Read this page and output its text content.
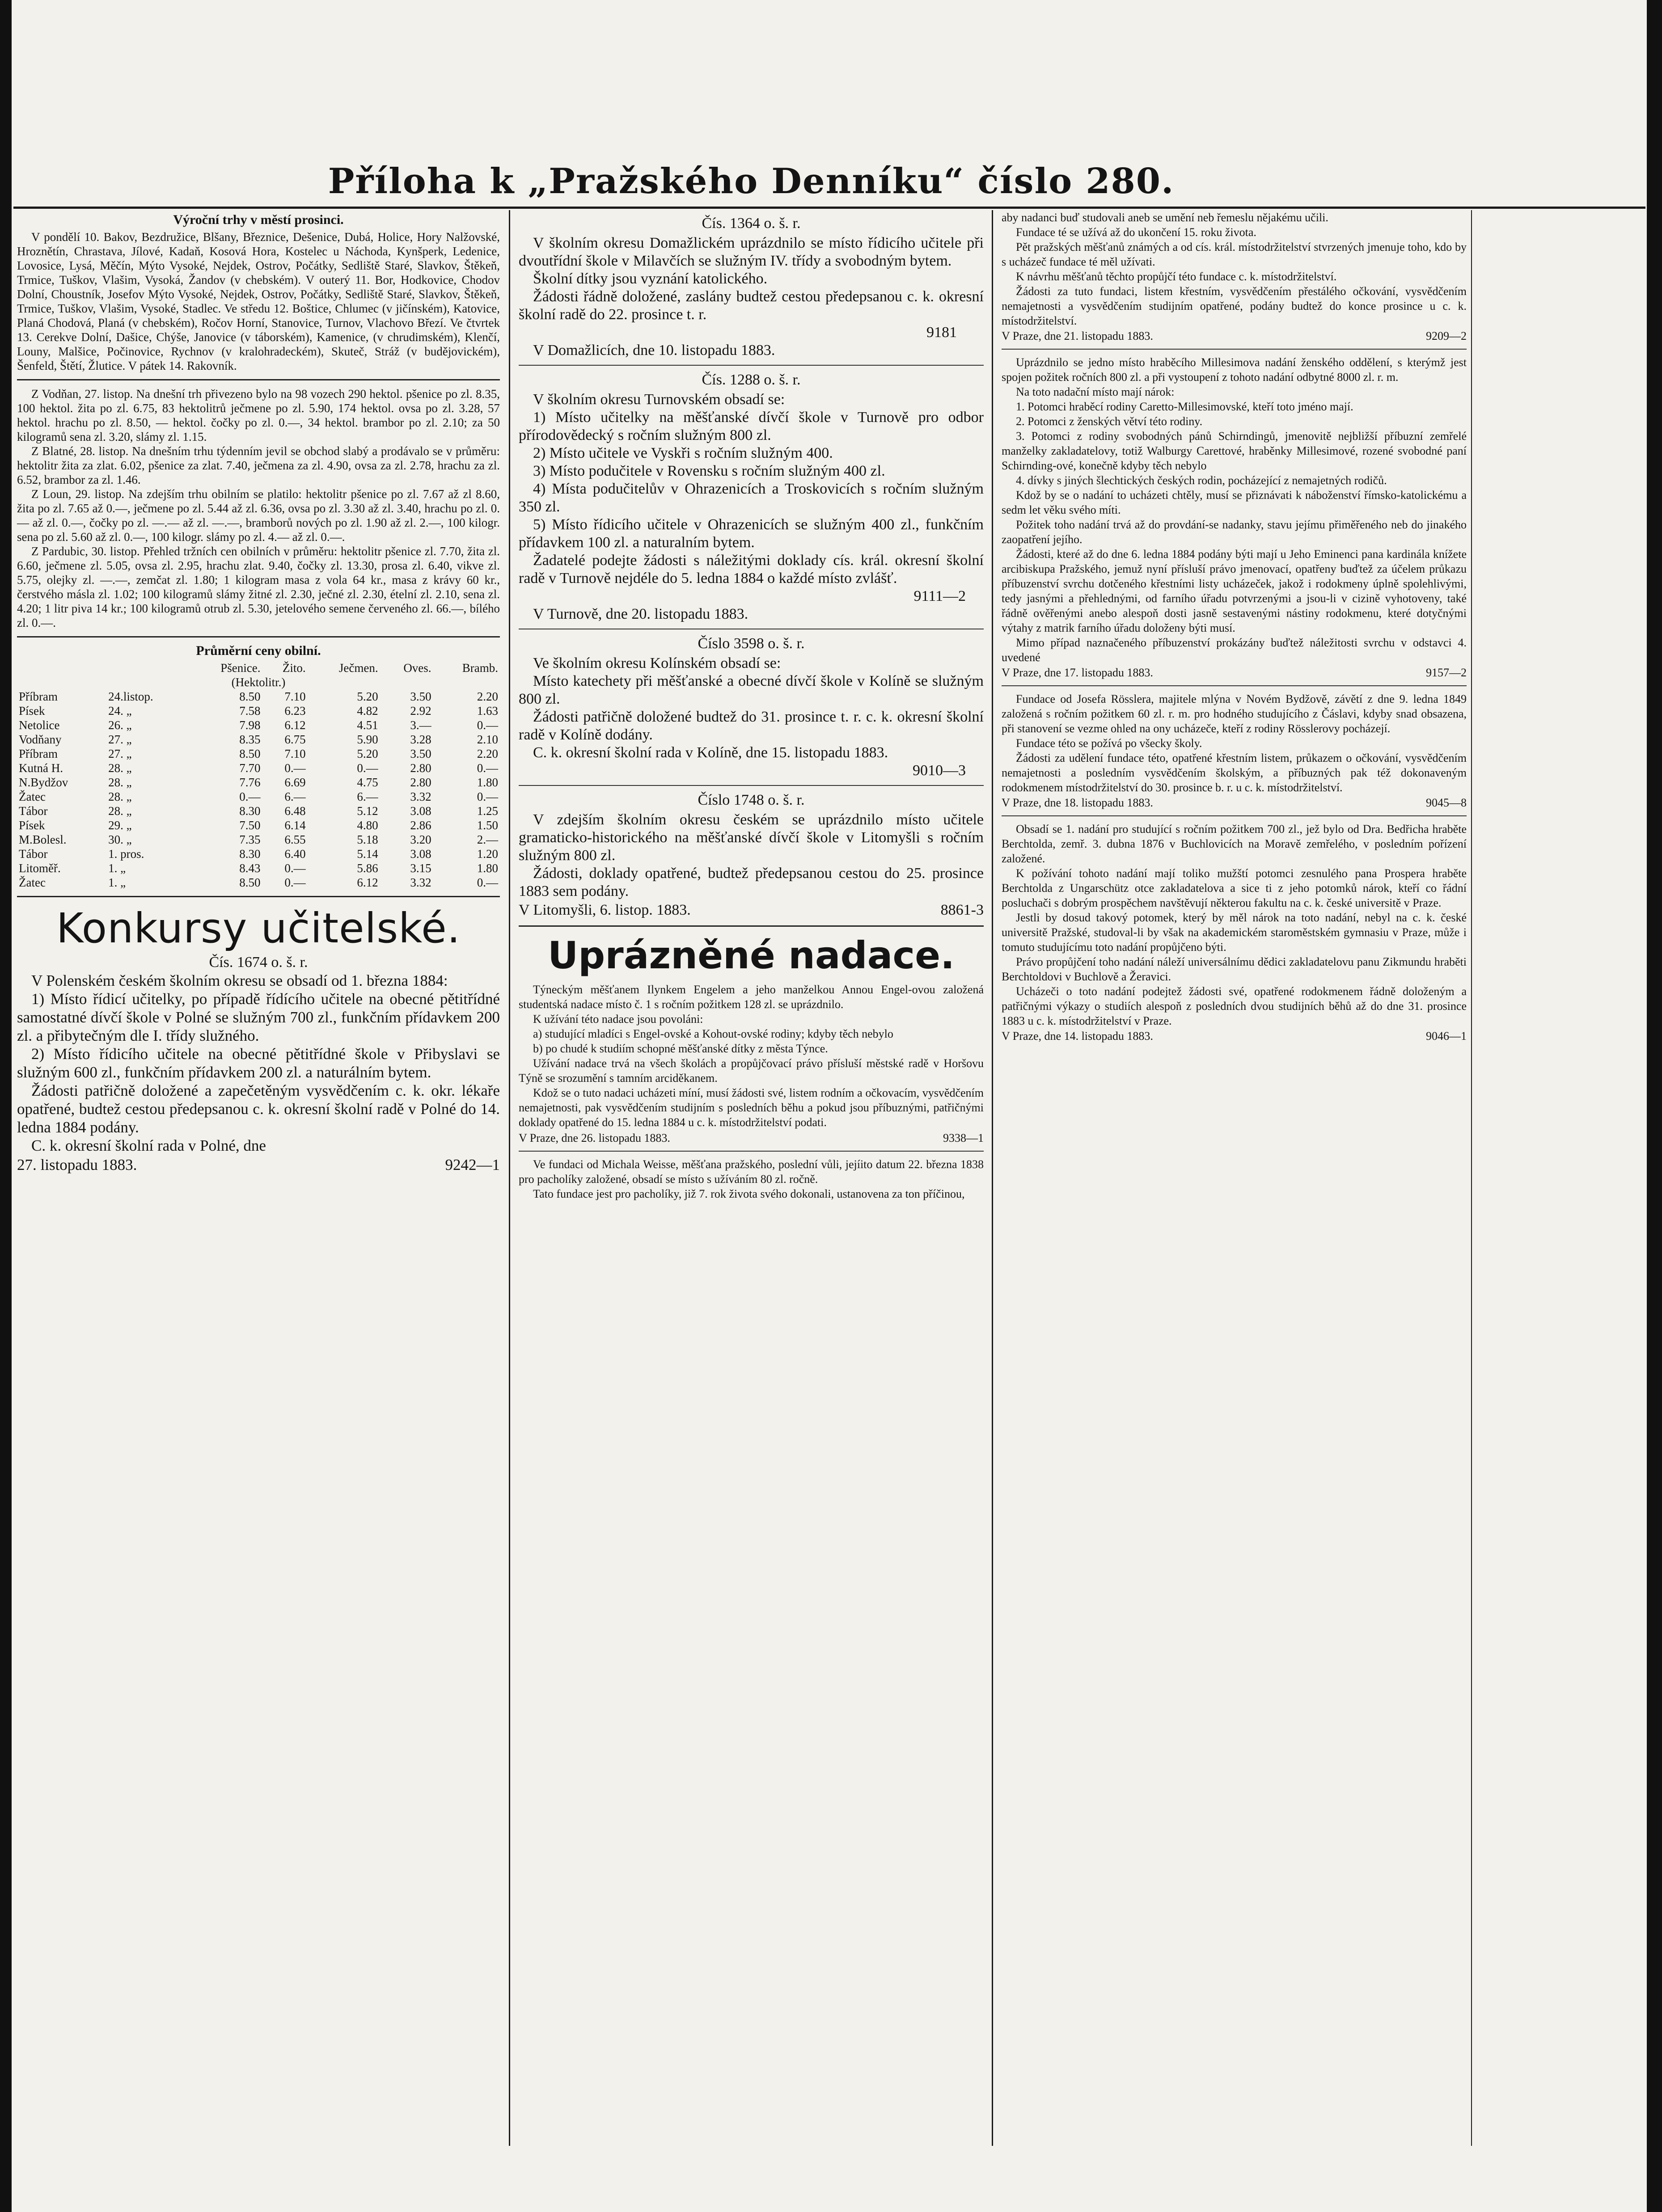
Příloha k „Pražského Denníku“ číslo 280.
Výroční trhy v městí prosinci.

V pondělí 10. Bakov, Bezdružice, Blšany, Březnice, Dešenice, Dubá, Holice, Hory Nalžovské, Hroznětín, Chrastava, Jílové, Kadaň, Kosová Hora, Kostelec u Náchoda, Kynšperk, Ledenice, Lovosice, Lysá, Měčín, Mýto Vysoké, Nejdek, Ostrov, Počátky, Sedliště Staré, Slavkov, Štěkeň, Trmice, Tuškov, Vlašim, Vysoká, Žandov (v chebském). V outerý 11. Bor, Hodkovice, Chodov Dolní, Choustník, Josefov Mýto Vysoké, Nejdek, Ostrov, Počátky, Sedliště Staré, Slavkov, Štěkeň, Trmice, Tuškov, Vlašim, Vysoké, Stadlec. Ve středu 12. Boštice, Chlumec (v jičínském), Katovice, Planá Chodová, Planá (v chebském), Ročov Horní, Stanovice, Turnov, Vlachovo Březí. Ve čtvrtek 13. Cerekve Dolní, Dašice, Chýše, Janovice (v táborském), Kamenice, (v chrudimském), Klenčí, Louny, Malšice, Počinovice, Rychnov (v kralohradeckém), Skuteč, Stráž (v budějovickém), Šenfeld, Štětí, Žlutice. V pátek 14. Rakovník.

Z Vodňan, 27. listop. Na dnešní trh přivezeno bylo na 98 vozech 290 hektol. pšenice po zl. 8.35, 100 hektol. žita po zl. 6.75, 83 hektolitrů ječmene po zl. 5.90, 174 hektol. ovsa po zl. 3.28, 57 hektol. hrachu po zl. 8.50, — hektol. čočky po zl. 0.—, 34 hektol. brambor po zl. 2.10; za 50 kilogramů sena zl. 3.20, slámy zl. 1.15.

Z Blatné, 28. listop. Na dnešním trhu týdenním jevil se obchod slabý a prodávalo se v průměru: hektolitr žita za zlat. 6.02, pšenice za zlat. 7.40, ječmena za zl. 4.90, ovsa za zl. 2.78, hrachu za zl. 6.52, brambor za zl. 1.46.

Z Loun, 29. listop. Na zdejším trhu obilním se platilo: hektolitr pšenice po zl. 7.67 až zl 8.60, žita po zl. 7.65 až 0.—, ječmene po zl. 5.44 až zl. 6.36, ovsa po zl. 3.30 až zl. 3.40, hrachu po zl. 0.— až zl. 0.—, čočky po zl. —.— až zl. —.—, bramborů nových po zl. 1.90 až zl. 2.—, 100 kilogr. sena po zl. 5.60 až zl. 0.—, 100 kilogr. slámy po zl. 4.— až zl. 0.—.

Z Pardubic, 30. listop. Přehled tržních cen obilních v průměru: hektolitr pšenice zl. 7.70, žita zl. 6.60, ječmene zl. 5.05, ovsa zl. 2.95, hrachu zlat. 9.40, čočky zl. 13.30, prosa zl. 6.40, vikve zl. 5.75, olejky zl. —.—, zemčat zl. 1.80; 1 kilogram masa z vola 64 kr., masa z krávy 60 kr., čerstvého másla zl. 1.02; 100 kilogramů slámy žitné zl. 2.30, ječné zl. 2.30, ételní zl. 2.10, sena zl. 4.20; 1 litr piva 14 kr.; 100 kilogramů otrub zl. 5.30, jetelového semene červeného zl. 66.—, bílého zl. 0.—.

Průměrní ceny obilní.
		Pšenice.	Žito.	Ječmen.	Oves.	Bramb.
(Hektolitr.)						
Příbram	24.listop.	8.50	7.10	5.20	3.50	2.20
Písek	24. „	7.58	6.23	4.82	2.92	1.63
Netolice	26. „	7.98	6.12	4.51	3.—	0.—
Vodňany	27. „	8.35	6.75	5.90	3.28	2.10
Příbram	27. „	8.50	7.10	5.20	3.50	2.20
Kutná H.	28. „	7.70	0.—	0.—	2.80	0.—
N.Bydžov	28. „	7.76	6.69	4.75	2.80	1.80
Žatec	28. „	0.—	6.—	6.—	3.32	0.—
Tábor	28. „	8.30	6.48	5.12	3.08	1.25
Písek	29. „	7.50	6.14	4.80	2.86	1.50
M.Bolesl.	30. „	7.35	6.55	5.18	3.20	2.—
Tábor	1. pros.	8.30	6.40	5.14	3.08	1.20
Litoměř.	1. „	8.43	0.—	5.86	3.15	1.80
Žatec	1. „	8.50	0.—	6.12	3.32	0.—
Konkursy učitelské.
Čís. 1674 o. š. r.

V Polenském českém školním okresu se obsadí od 1. března 1884:

1) Místo řídicí učitelky, po případě řídícího učitele na obecné pětitřídné samostatné dívčí škole v Polné se služným 700 zl., funkčním přídavkem 200 zl. a přibytečným dle I. třídy služného.

2) Místo řídicího učitele na obecné pětitřídné škole v Přibyslavi se služným 600 zl., funkčním přídavkem 200 zl. a naturálním bytem.

Žádosti patřičně doložené a zapečetěným vysvědčením c. k. okr. lékaře opatřené, budtež cestou předepsanou c. k. okresní školní radě v Polné do 14. ledna 1884 podány.

C. k. okresní školní rada v Polné, dne

27. listopadu 1883.	9242—1
Čís. 1364 o. š. r.

V školním okresu Domažlickém uprázdnilo se místo řídicího učitele při dvoutřídní škole v Milavčích se služným IV. třídy a svobodným bytem.

Školní dítky jsou vyznání katolického.

Žádosti řádně doložené, zaslány budtež cestou předepsanou c. k. okresní školní radě do 22. prosince t. r.

9181

V Domažlicích, dne 10. listopadu 1883.

Čís. 1288 o. š. r.

V školním okresu Turnovském obsadí se:

1) Místo učitelky na měšťanské dívčí škole v Turnově pro odbor přírodovědecký s ročním služným 800 zl.

2) Místo učitele ve Vyskři s ročním služným 400.

3) Místo podučitele v Rovensku s ročním služným 400 zl.

4) Místa podučitelův v Ohrazenicích a Troskovicích s ročním služným 350 zl.

5) Místo řídicího učitele v Ohrazenicích se služným 400 zl., funkčním přídavkem 100 zl. a naturalním bytem.

Žadatelé podejte žádosti s náležitými doklady cís. král. okresní školní radě v Turnově nejdéle do 5. ledna 1884 o každé místo zvlášť.

9111—2

V Turnově, dne 20. listopadu 1883.

Číslo 3598 o. š. r.

Ve školním okresu Kolínském obsadí se:

Místo katechety při měšťanské a obecné dívčí škole v Kolíně se služným 800 zl.

Žádosti patřičně doložené budtež do 31. prosince t. r. c. k. okresní školní radě v Kolíně dodány.

C. k. okresní školní rada v Kolíně, dne 15. listopadu 1883.

9010—3
Číslo 1748 o. š. r.

V zdejším školním okresu českém se uprázdnilo místo učitele gramaticko-historického na měšťanské dívčí škole v Litomyšli s ročním služným 800 zl.

Žádosti, doklady opatřené, budtež předepsanou cestou do 25. prosince 1883 sem podány.

V Litomyšli, 6. listop. 1883.	8861-3
Uprázněné nadace.

Týneckým měšťanem Ilynkem Engelem a jeho manželkou Annou Engel-ovou založená studentská nadace místo č. 1 s ročním požitkem 128 zl. se uprázdnilo.

K užívání této nadace jsou povoláni:

a) studující mladíci s Engel-ovské a Kohout-ovské rodiny; kdyby těch nebylo

b) po chudé k studiím schopné měšťanské dítky z města Týnce.

Užívání nadace trvá na všech školách a propůjčovací právo přísluší městské radě v Horšovu Týně se srozumění s tamním arciděkanem.

Kdož se o tuto nadaci ucházeti míní, musí žádosti své, listem rodním a očkovacím, vysvědčením nemajetnosti, pak vysvědčením studijním s posledních běhu a pokud jsou příbuznými, patřičnými doklady opatřené do 15. ledna 1884 u c. k. místodržitelství podati.

V Praze, dne 26. listopadu 1883.	9338—1

Ve fundaci od Michala Weisse, měšťana pražského, poslední vůli, jejíito datum 22. března 1838 pro pacholíky založené, obsadí se místo s užíváním 80 zl. ročně.

Tato fundace jest pro pacholíky, již 7. rok života svého dokonali, ustanovena za ton příčinou,

aby nadanci buď studovali aneb se umění neb řemeslu nějakému učili.

Fundace té se užívá až do ukončení 15. roku života.

Pět pražských měšťanů známých a od cís. král. místodržitelství stvrzených jmenuje toho, kdo by s ucházeč fundace té měl užívati.

K návrhu měšťanů těchto propůjčí této fundace c. k. místodržitelství.

Žádosti za tuto fundaci, listem křestním, vysvědčením přestálého očkování, vysvědčením nemajetnosti a vysvědčením studijním opatřené, podány budtež do konce prosince u c. k. místodržitelství.

V Praze, dne 21. listopadu 1883.	9209—2

Uprázdnilo se jedno místo hraběcího Millesimova nadání ženského oddělení, s kterýmž jest spojen požitek ročních 800 zl. a při vystoupení z tohoto nadání odbytné 8000 zl. r. m.

Na toto nadační místo mají nárok:

1. Potomci hraběcí rodiny Caretto-Millesimovské, kteří toto jméno mají.

2. Potomci z ženských větví této rodiny.

3. Potomci z rodiny svobodných pánů Schirndingů, jmenovitě nejbližší příbuzní zemřelé manželky zakladatelovy, totiž Walburgy Carettové, hraběnky Millesimové, rozené svobodné paní Schirnding-ové, konečně kdyby těch nebylo

4. dívky s jiných šlechtických českých rodin, pocházející z nemajetných rodičů.

Kdož by se o nadání to ucházeti chtěly, musí se přiznávati k náboženství římsko-katolickému a sedm let věku svého míti.

Požitek toho nadání trvá až do provdání-se nadanky, stavu jejímu přiměřeného neb do jinakého zaopatření jejího.

Žádosti, které až do dne 6. ledna 1884 podány býti mají u Jeho Eminenci pana kardinála knížete arcibiskupa Pražského, jemuž nyní přísluší právo jmenovací, opatřeny buďtež za účelem průkazu příbuzenství svrchu dotčeného křestními listy ucházeček, jakož i rodokmeny úplně spolehlivými, tedy jasnými a přehlednými, od farního úřadu potvrzenými a jsou-li v cizině vyhotoveny, také řádně ověřenými anebo alespoň dosti jasně sestavenými nástiny rodokmenu, které dotyčnými výtahy z matrik farního úřadu doloženy býti musí.

Mimo případ naznačeného příbuzenství prokázány buďtež náležitosti svrchu v odstavci 4. uvedené

V Praze, dne 17. listopadu 1883.	9157—2

Fundace od Josefa Rösslera, majitele mlýna v Novém Bydžově, závětí z dne 9. ledna 1849 založená s ročním požitkem 60 zl. r. m. pro hodného studujícího z Čáslavi, kdyby snad obsazena, při stanovení se vezme ohled na ony ucházeče, kteří z rodiny Rösslerovy pocházejí.

Fundace této se požívá po všecky školy.

Žádosti za udělení fundace této, opatřené křestním listem, průkazem o očkování, vysvědčením nemajetnosti a posledním vysvědčením školským, a příbuzných pak též dokonaveným rodokmenem místodržitelství do 30. prosince b. r. u c. k. místodržitelství.

V Praze, dne 18. listopadu 1883.	9045—8

Obsadí se 1. nadání pro studující s ročním požitkem 700 zl., jež bylo od Dra. Bedřicha hraběte Berchtolda, zemř. 3. dubna 1876 v Buchlovicích na Moravě zemřelého, v posledním pořízení založené.

K požívání tohoto nadání mají toliko mužští potomci zesnulého pana Prospera hraběte Berchtolda z Ungarschütz otce zakladatelova a sice ti z jeho potomků nárok, kteří co řádní posluchači s dobrým prospěchem navštěvují některou fakultu na c. k. české universitě v Praze.

Jestli by dosud takový potomek, který by měl nárok na toto nadání, nebyl na c. k. české universitě Pražské, studoval-li by však na akademickém staroměstském gymnasiu v Praze, může i tomuto studujícímu toto nadání propůjčeno býti.

Právo propůjčení toho nadání náleží universálnímu dědici zakladatelovu panu Zikmundu hraběti Berchtoldovi v Buchlově a Žeravici.

Ucházeči o toto nadání podejtež žádosti své, opatřené rodokmenem řádně doloženým a patřičnými výkazy o studiích alespoň z posledních dvou studijních běhů až do dne 31. prosince 1883 u c. k. místodržitelství v Praze.

V Praze, dne 14. listopadu 1883.	9046—1
